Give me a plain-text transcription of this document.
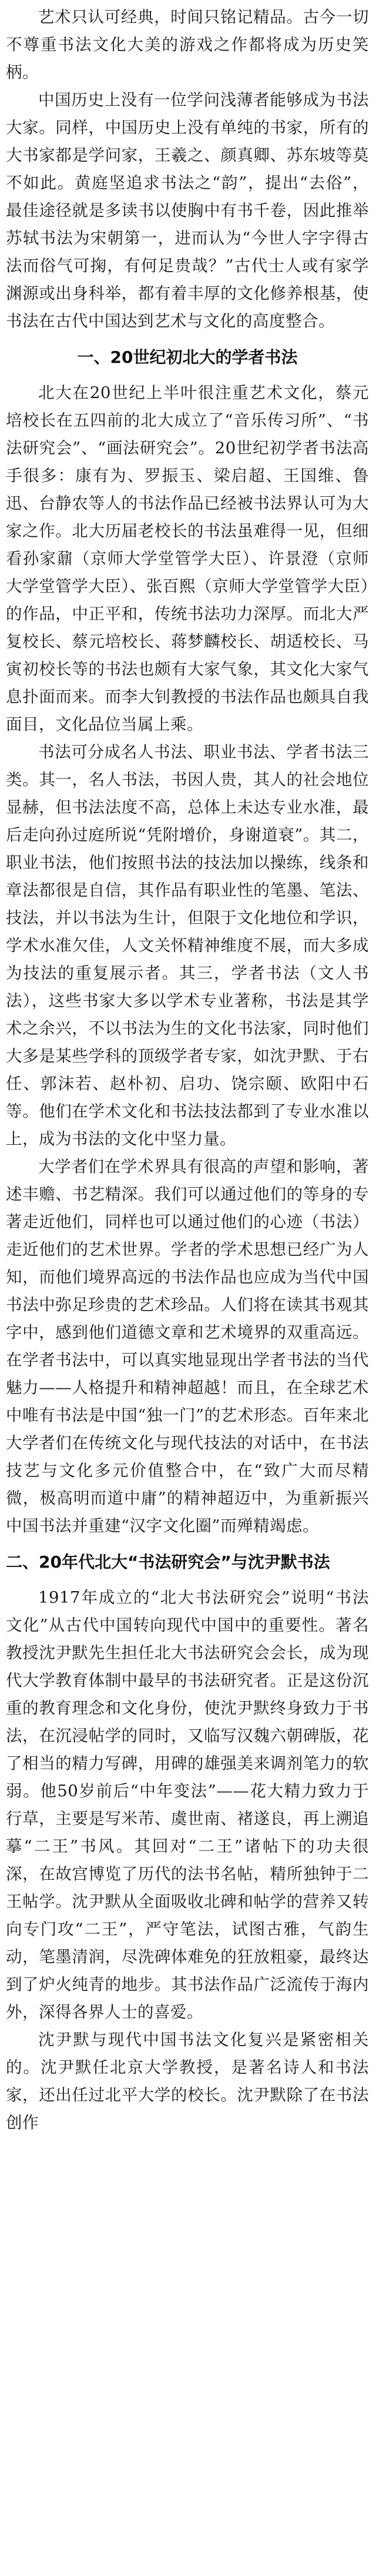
艺术只认可经典，时间只铭记精品。古今一切不尊重书法文化大美的游戏之作都将成为历史笑柄。

中国历史上没有一位学问浅薄者能够成为书法大家。同样，中国历史上没有单纯的书家，所有的大书家都是学问家，王羲之、颜真卿、苏东坡等莫不如此。黄庭坚追求书法之“韵”，提出“去俗”，最佳途径就是多读书以使胸中有书千卷，因此推举苏轼书法为宋朝第一，进而认为“今世人字字得古法而俗气可掬，有何足贵哉？”古代士人或有家学渊源或出身科举，都有着丰厚的文化修养根基，使书法在古代中国达到艺术与文化的高度整合。

一、20世纪初北大的学者书法

北大在20世纪上半叶很注重艺术文化，蔡元培校长在五四前的北大成立了“音乐传习所”、“书法研究会”、“画法研究会”。20世纪初学者书法高手很多：康有为、罗振玉、梁启超、王国维、鲁迅、台静农等人的书法作品已经被书法界认可为大家之作。北大历届老校长的书法虽难得一见，但细看孙家鼐（京师大学堂管学大臣）、许景澄（京师大学堂管学大臣）、张百熙（京师大学堂管学大臣）的作品，中正平和，传统书法功力深厚。而北大严复校长、蔡元培校长、蒋梦麟校长、胡适校长、马寅初校长等的书法也颇有大家气象，其文化大家气息扑面而来。而李大钊教授的书法作品也颇具自我面目，文化品位当属上乘。

书法可分成名人书法、职业书法、学者书法三类。其一，名人书法，书因人贵，其人的社会地位显赫，但书法法度不高，总体上未达专业水准，最后走向孙过庭所说“凭附增价，身谢道衰”。其二，职业书法，他们按照书法的技法加以操练，线条和章法都很是自信，其作品有职业性的笔墨、笔法、技法，并以书法为生计，但限于文化地位和学识，学术水准欠佳，人文关怀精神维度不展，而大多成为技法的重复展示者。其三，学者书法（文人书法），这些书家大多以学术专业著称，书法是其学术之余兴，不以书法为生的文化书法家，同时他们大多是某些学科的顶级学者专家，如沈尹默、于右任、郭沫若、赵朴初、启功、饶宗颐、欧阳中石等。他们在学术文化和书法技法都到了专业水准以上，成为书法的文化中坚力量。

大学者们在学术界具有很高的声望和影响，著述丰赡、书艺精深。我们可以通过他们的等身的专著走近他们，同样也可以通过他们的心迹（书法）走近他们的艺术世界。学者的学术思想已经广为人知，而他们境界高远的书法作品也应成为当代中国书法中弥足珍贵的艺术珍品。人们将在读其书观其字中，感到他们道德文章和艺术境界的双重高远。在学者书法中，可以真实地显现出学者书法的当代魅力——人格提升和精神超越！而且，在全球艺术中唯有书法是中国“独一门”的艺术形态。百年来北大学者们在传统文化与现代技法的对话中，在书法技艺与文化多元价值整合中，在“致广大而尽精微，极高明而道中庸”的精神超迈中，为重新振兴中国书法并重建“汉字文化圈”而殚精竭虑。

二、20年代北大“书法研究会”与沈尹默书法

1917年成立的“北大书法研究会”说明“书法文化”从古代中国转向现代中国中的重要性。著名教授沈尹默先生担任北大书法研究会会长，成为现代大学教育体制中最早的书法研究者。正是这份沉重的教育理念和文化身份，使沈尹默终身致力于书法，在沉浸帖学的同时，又临写汉魏六朝碑版，花了相当的精力写碑，用碑的雄强美来调剂笔力的软弱。他50岁前后“中年变法”——花大精力致力于行草，主要是写米芾、虞世南、褚遂良，再上溯追摹“二王”书风。其回对“二王”诸帖下的功夫很深，在故宫博览了历代的法书名帖，精所独钟于二王帖学。沈尹默从全面吸收北碑和帖学的营养又转向专门攻“二王”，严守笔法，试图古雅，气韵生动，笔墨清润，尽洗碑体难免的狂放粗豪，最终达到了炉火纯青的地步。其书法作品广泛流传于海内外，深得各界人士的喜爱。

沈尹默与现代中国书法文化复兴是紧密相关的。沈尹默任北京大学教授，是著名诗人和书法家，还出任过北平大学的校长。沈尹默除了在书法创作
